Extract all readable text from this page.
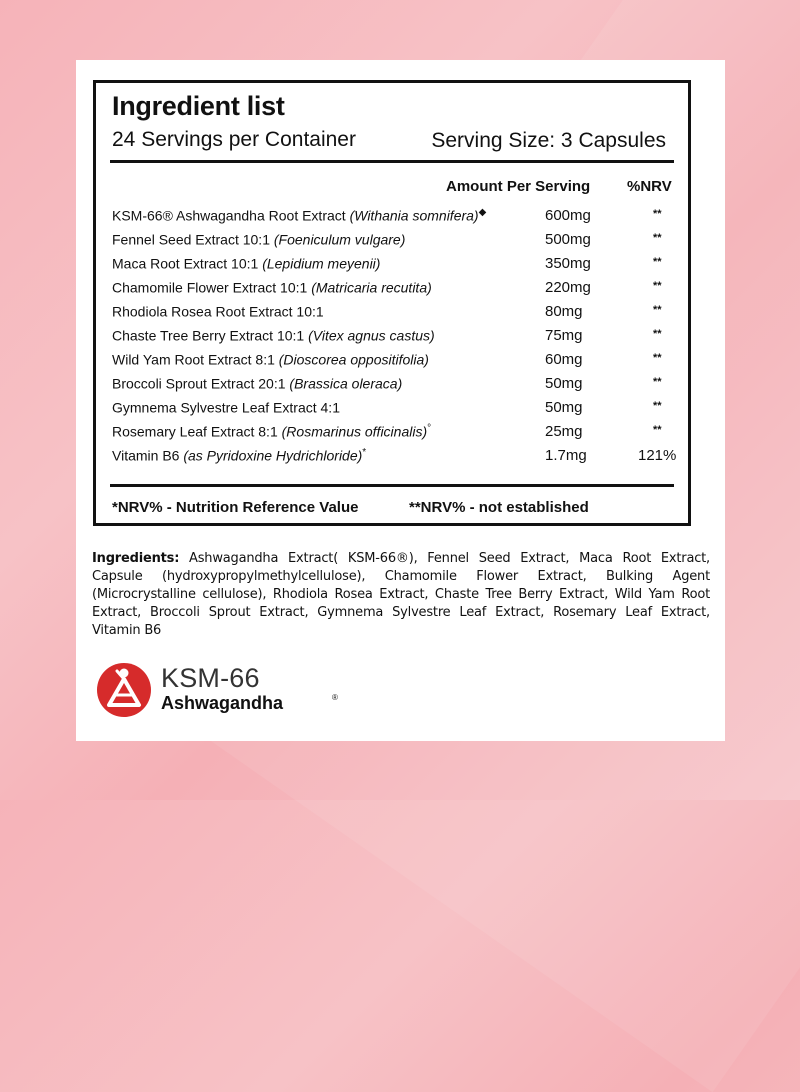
Ingredient list
24 Servings per Container	Serving Size: 3 Capsules
Amount Per Serving %NRV
KSM-66® Ashwagandha Root Extract (Withania somnifera)◆	600mg	**
Fennel Seed Extract 10:1 (Foeniculum vulgare)	500mg	**
Maca Root Extract 10:1 (Lepidium meyenii)	350mg	**
Chamomile Flower Extract 10:1 (Matricaria recutita)	220mg	**
Rhodiola Rosea Root Extract 10:1	80mg	**
Chaste Tree Berry Extract 10:1 (Vitex agnus castus)	75mg	**
Wild Yam Root Extract 8:1 (Dioscorea oppositifolia)	60mg	**
Broccoli Sprout Extract 20:1 (Brassica oleraca)	50mg	**
Gymnema Sylvestre Leaf Extract 4:1	50mg	**
Rosemary Leaf Extract 8:1 (Rosmarinus officinalis)°	25mg	**
Vitamin B6 (as Pyridoxine Hydrichloride)*	1.7mg	121%
*NRV% - Nutrition Reference Value	**NRV% - not established
Ingredients: Ashwagandha Extract( KSM-66®), Fennel Seed Extract, Maca Root Extract, Capsule (hydroxypropylmethylcellulose), Chamomile Flower Extract, Bulking Agent (Microcrystalline cellulose), Rhodiola Rosea Extract, Chaste Tree Berry Extract, Wild Yam Root Extract, Broccoli Sprout Extract, Gymnema Sylvestre Leaf Extract, Rosemary Leaf Extract, Vitamin B6
KSM-66
Ashwagandha	®
